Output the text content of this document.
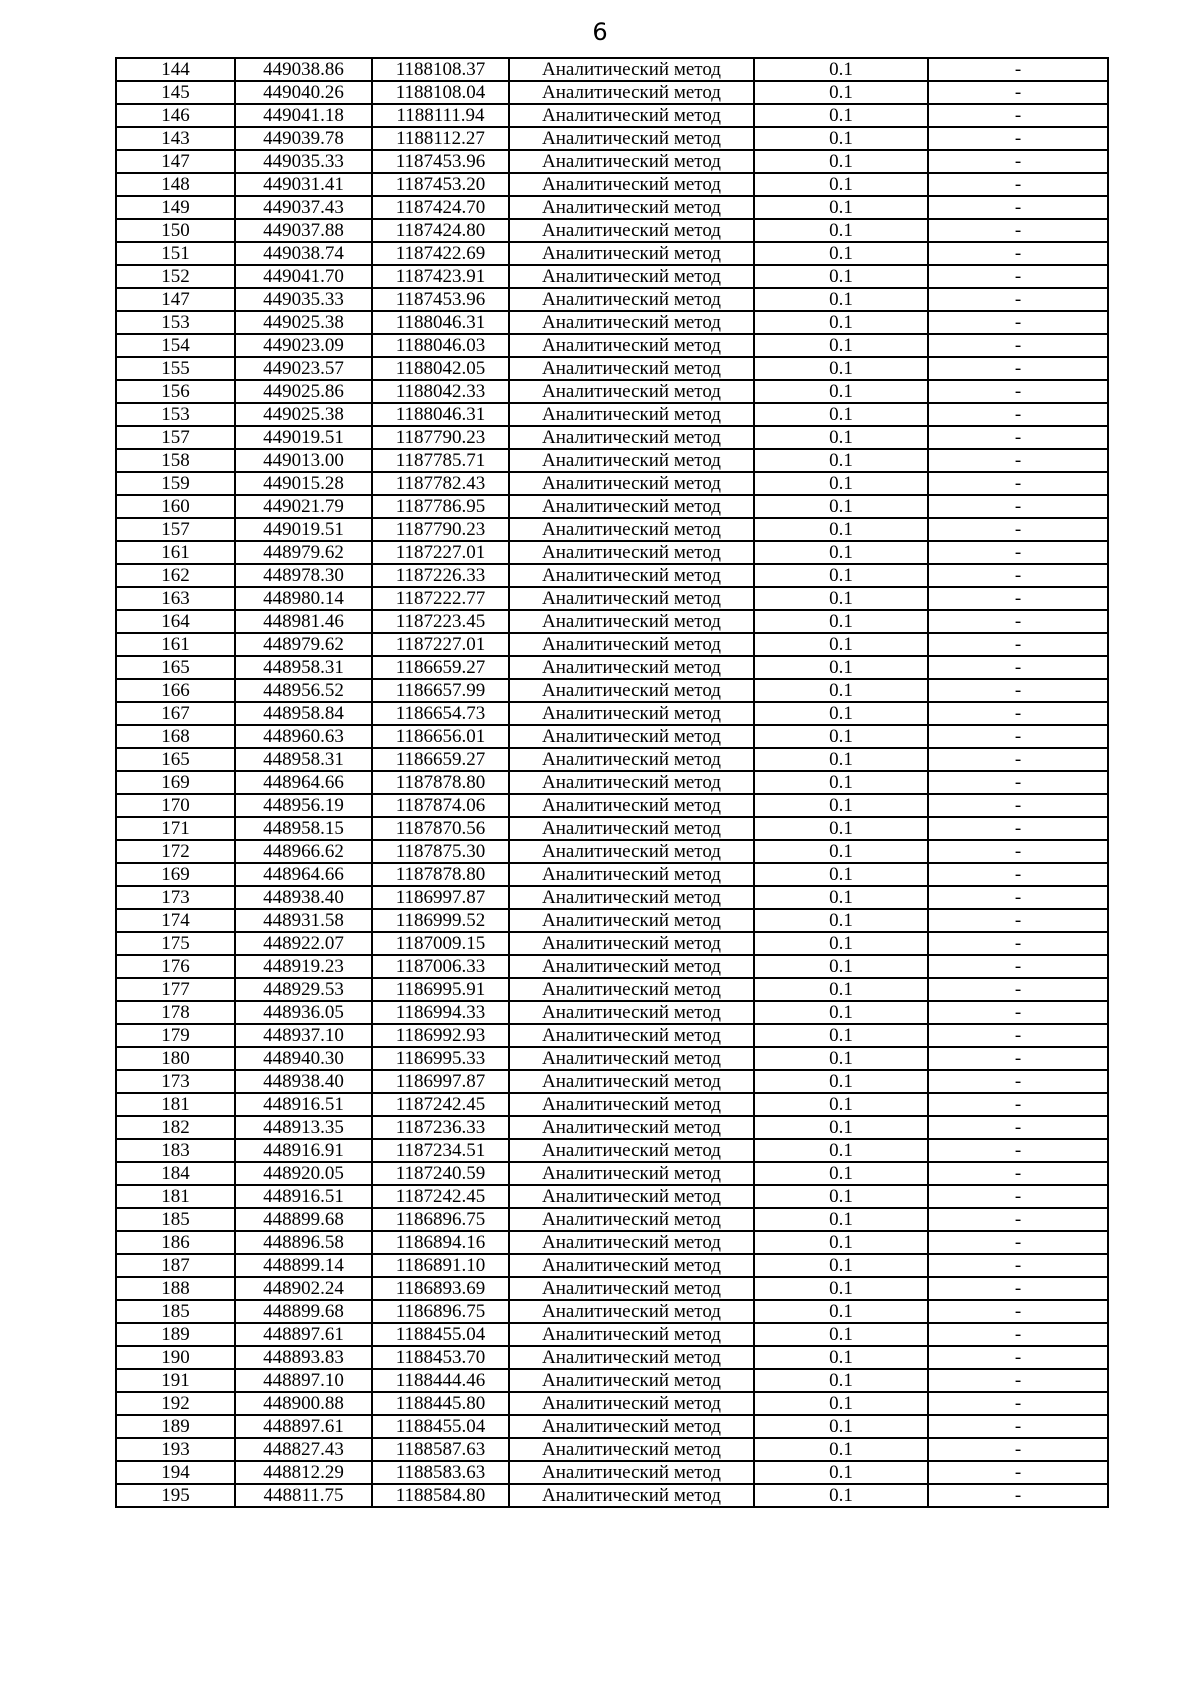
6
144	449038.86	1188108.37	Аналитический метод	0.1	-
145	449040.26	1188108.04	Аналитический метод	0.1	-
146	449041.18	1188111.94	Аналитический метод	0.1	-
143	449039.78	1188112.27	Аналитический метод	0.1	-
147	449035.33	1187453.96	Аналитический метод	0.1	-
148	449031.41	1187453.20	Аналитический метод	0.1	-
149	449037.43	1187424.70	Аналитический метод	0.1	-
150	449037.88	1187424.80	Аналитический метод	0.1	-
151	449038.74	1187422.69	Аналитический метод	0.1	-
152	449041.70	1187423.91	Аналитический метод	0.1	-
147	449035.33	1187453.96	Аналитический метод	0.1	-
153	449025.38	1188046.31	Аналитический метод	0.1	-
154	449023.09	1188046.03	Аналитический метод	0.1	-
155	449023.57	1188042.05	Аналитический метод	0.1	-
156	449025.86	1188042.33	Аналитический метод	0.1	-
153	449025.38	1188046.31	Аналитический метод	0.1	-
157	449019.51	1187790.23	Аналитический метод	0.1	-
158	449013.00	1187785.71	Аналитический метод	0.1	-
159	449015.28	1187782.43	Аналитический метод	0.1	-
160	449021.79	1187786.95	Аналитический метод	0.1	-
157	449019.51	1187790.23	Аналитический метод	0.1	-
161	448979.62	1187227.01	Аналитический метод	0.1	-
162	448978.30	1187226.33	Аналитический метод	0.1	-
163	448980.14	1187222.77	Аналитический метод	0.1	-
164	448981.46	1187223.45	Аналитический метод	0.1	-
161	448979.62	1187227.01	Аналитический метод	0.1	-
165	448958.31	1186659.27	Аналитический метод	0.1	-
166	448956.52	1186657.99	Аналитический метод	0.1	-
167	448958.84	1186654.73	Аналитический метод	0.1	-
168	448960.63	1186656.01	Аналитический метод	0.1	-
165	448958.31	1186659.27	Аналитический метод	0.1	-
169	448964.66	1187878.80	Аналитический метод	0.1	-
170	448956.19	1187874.06	Аналитический метод	0.1	-
171	448958.15	1187870.56	Аналитический метод	0.1	-
172	448966.62	1187875.30	Аналитический метод	0.1	-
169	448964.66	1187878.80	Аналитический метод	0.1	-
173	448938.40	1186997.87	Аналитический метод	0.1	-
174	448931.58	1186999.52	Аналитический метод	0.1	-
175	448922.07	1187009.15	Аналитический метод	0.1	-
176	448919.23	1187006.33	Аналитический метод	0.1	-
177	448929.53	1186995.91	Аналитический метод	0.1	-
178	448936.05	1186994.33	Аналитический метод	0.1	-
179	448937.10	1186992.93	Аналитический метод	0.1	-
180	448940.30	1186995.33	Аналитический метод	0.1	-
173	448938.40	1186997.87	Аналитический метод	0.1	-
181	448916.51	1187242.45	Аналитический метод	0.1	-
182	448913.35	1187236.33	Аналитический метод	0.1	-
183	448916.91	1187234.51	Аналитический метод	0.1	-
184	448920.05	1187240.59	Аналитический метод	0.1	-
181	448916.51	1187242.45	Аналитический метод	0.1	-
185	448899.68	1186896.75	Аналитический метод	0.1	-
186	448896.58	1186894.16	Аналитический метод	0.1	-
187	448899.14	1186891.10	Аналитический метод	0.1	-
188	448902.24	1186893.69	Аналитический метод	0.1	-
185	448899.68	1186896.75	Аналитический метод	0.1	-
189	448897.61	1188455.04	Аналитический метод	0.1	-
190	448893.83	1188453.70	Аналитический метод	0.1	-
191	448897.10	1188444.46	Аналитический метод	0.1	-
192	448900.88	1188445.80	Аналитический метод	0.1	-
189	448897.61	1188455.04	Аналитический метод	0.1	-
193	448827.43	1188587.63	Аналитический метод	0.1	-
194	448812.29	1188583.63	Аналитический метод	0.1	-
195	448811.75	1188584.80	Аналитический метод	0.1	-
